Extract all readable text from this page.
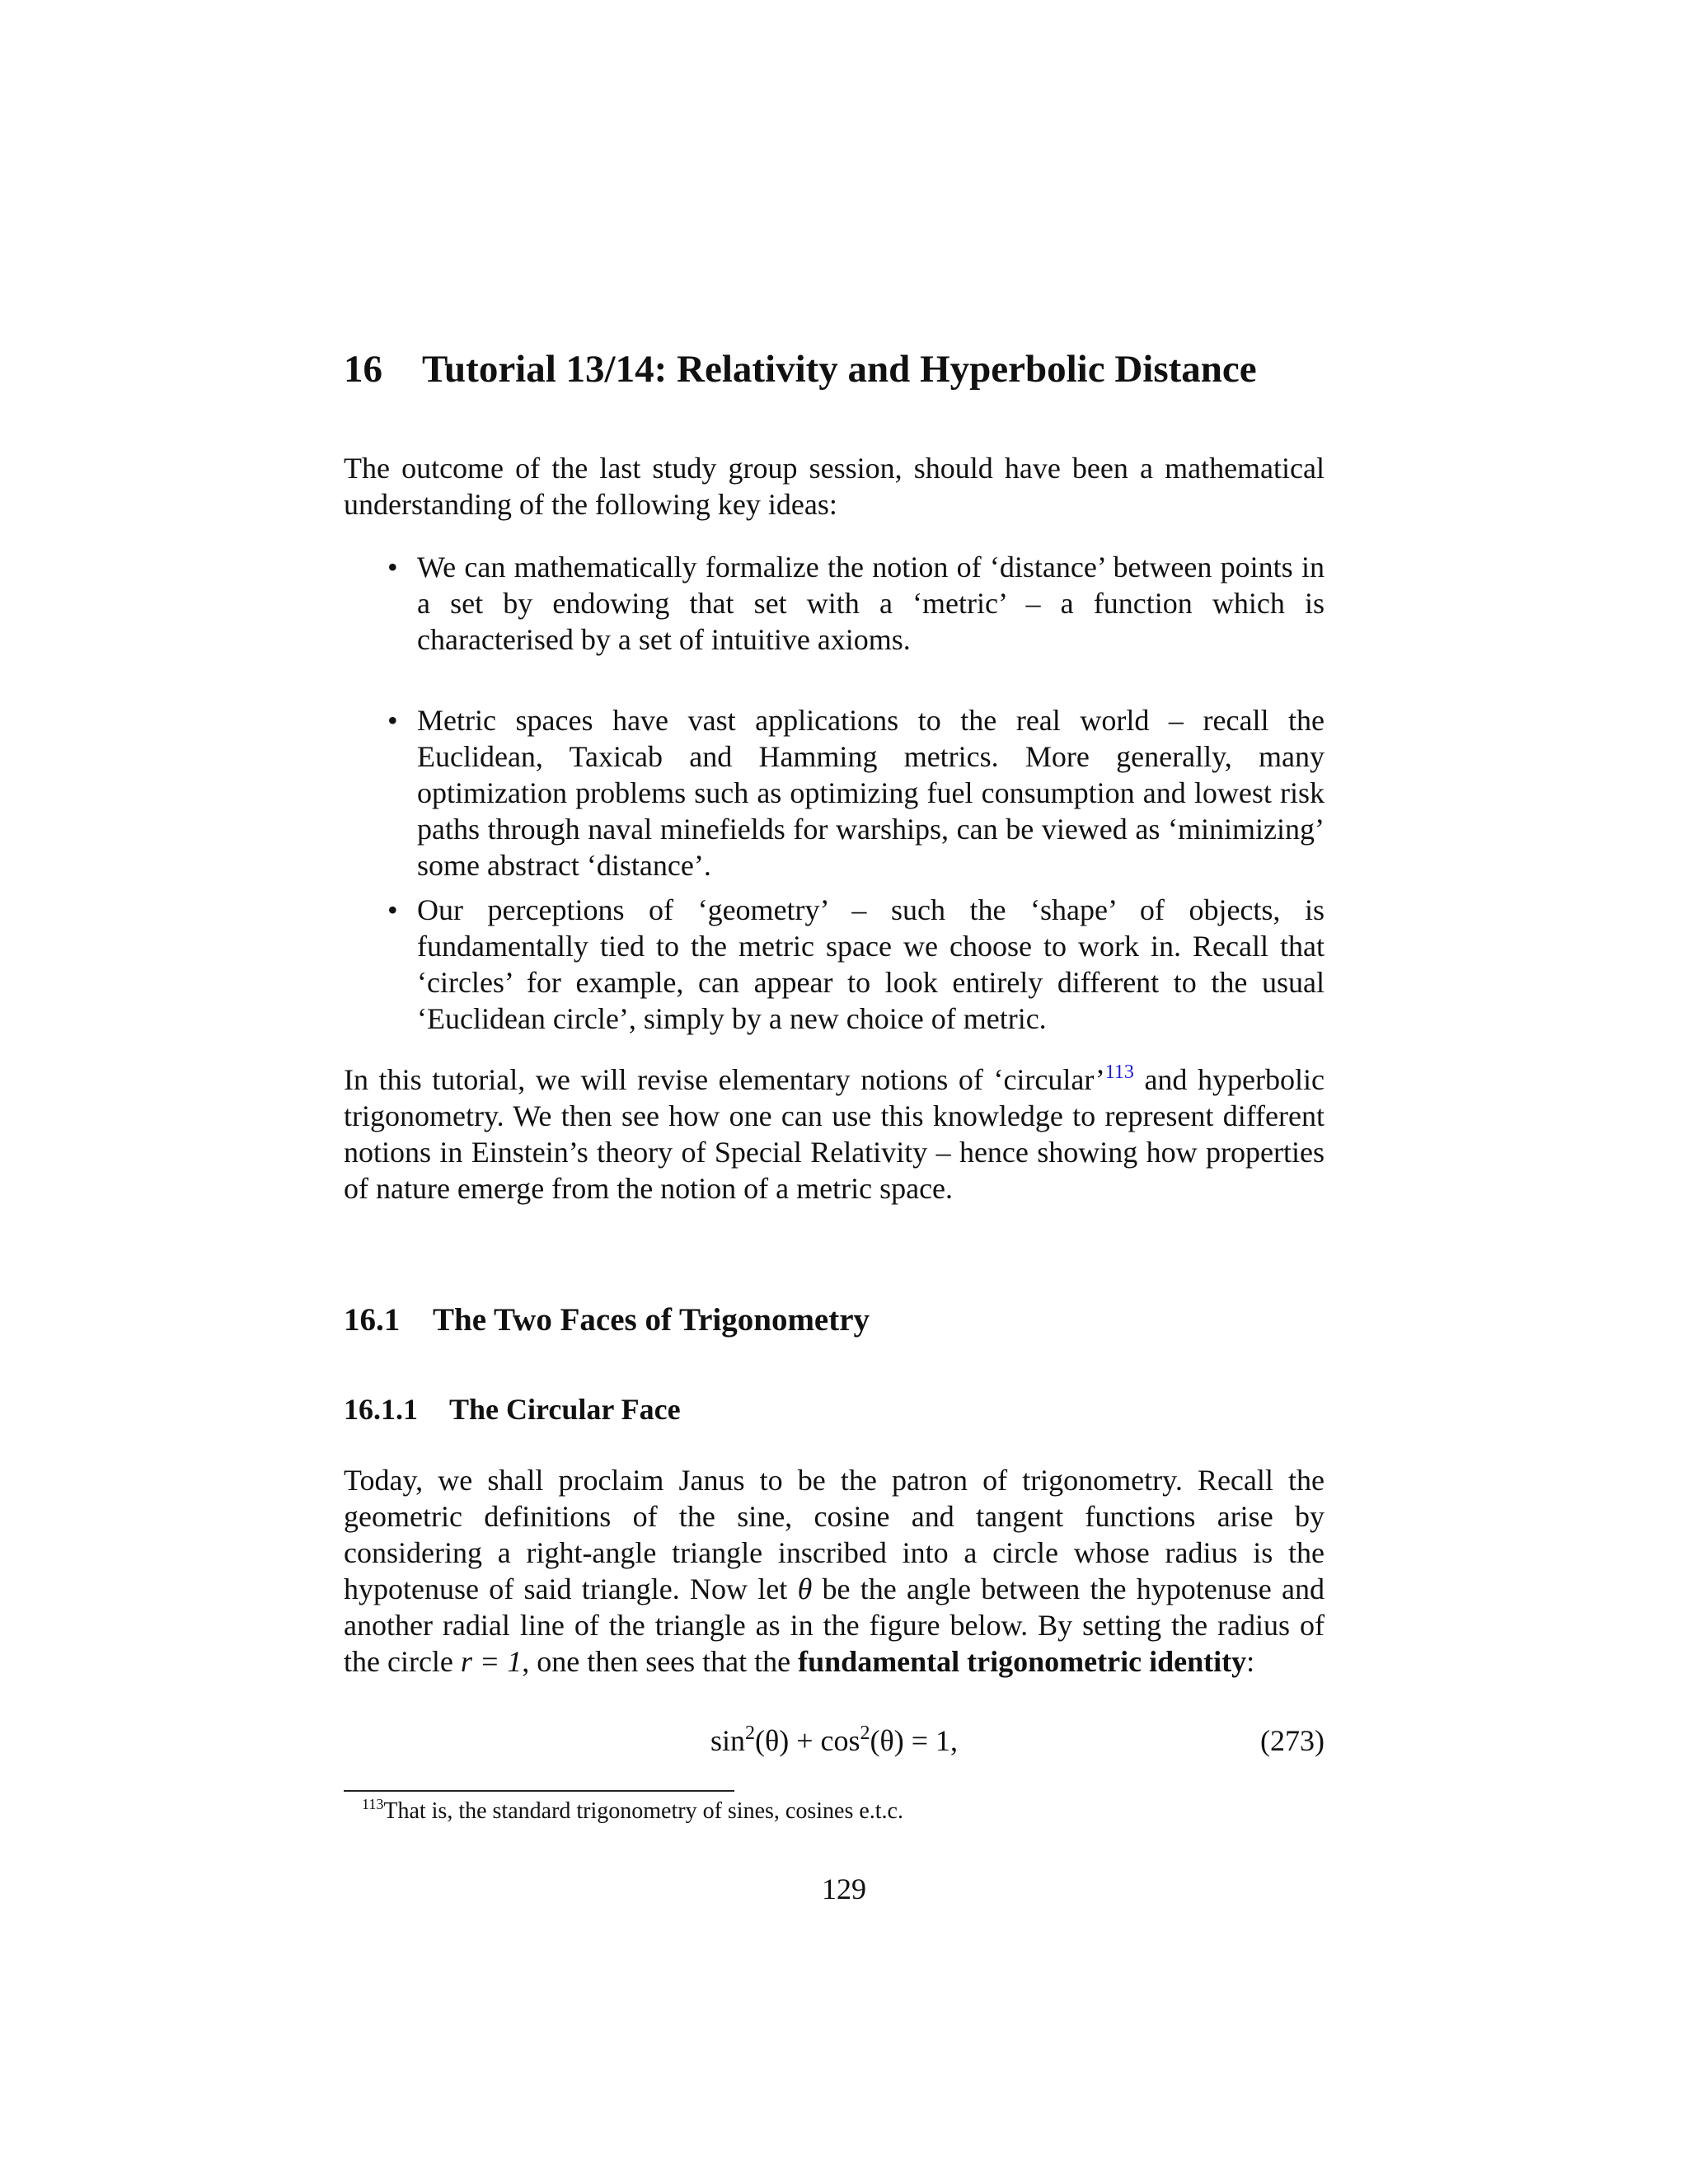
16 Tutorial 13/14: Relativity and Hyperbolic Distance
The outcome of the last study group session, should have been a mathematical understanding of the following key ideas:
• We can mathematically formalize the notion of ‘distance’ between points in a set by endowing that set with a ‘metric’ – a function which is characterised by a set of intuitive axioms.
• Metric spaces have vast applications to the real world – recall the Euclidean, Taxicab and Hamming metrics. More generally, many optimization problems such as optimizing fuel consumption and lowest risk paths through naval minefields for warships, can be viewed as ‘minimizing’ some abstract ‘distance’.
• Our perceptions of ‘geometry’ – such the ‘shape’ of objects, is fundamentally tied to the metric space we choose to work in. Recall that ‘circles’ for example, can appear to look entirely different to the usual ‘Euclidean circle’, simply by a new choice of metric.
In this tutorial, we will revise elementary notions of ‘circular’$^{113}$ and hyperbolic trigonometry. We then see how one can use this knowledge to represent different notions in Einstein’s theory of Special Relativity – hence showing how properties of nature emerge from the notion of a metric space.
16.1 The Two Faces of Trigonometry
16.1.1 The Circular Face
Today, we shall proclaim Janus to be the patron of trigonometry. Recall the geometric definitions of the sine, cosine and tangent functions arise by considering a right-angle triangle inscribed into a circle whose radius is the hypotenuse of said triangle. Now let θ be the angle between the hypotenuse and another radial line of the triangle as in the figure below. By setting the radius of the circle r = 1, one then sees that the fundamental trigonometric identity:
$\sin^2(\theta) + \cos^2(\theta) = 1$,	(273)
$^{113}$That is, the standard trigonometry of sines, cosines e.t.c.
129
